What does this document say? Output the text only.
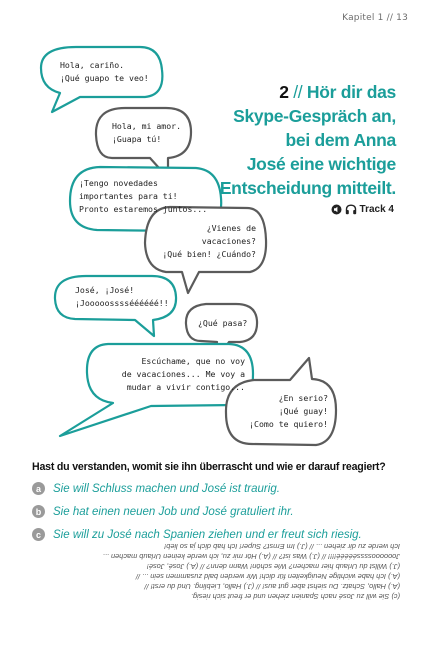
Kapitel 1 // 13
Hola, cariño.
¡Qué guapo te veo!
Hola, mi amor.
¡Guapa tú!
¡Tengo novedades
importantes para ti!
Pronto estaremos juntos...
¿Vienes de
vacaciones?
¡Qué bien! ¿Cuándo?
José, ¡José!
¡Jooooosssséééééé!!
¿Qué pasa?
Escúchame, que no voy
de vacaciones... Me voy a
mudar a vivir contigo...
¿En serio?
¡Qué guay!
¡Como te quiero!
2 // Hör dir das
Skype-Gespräch an,
bei dem Anna
José eine wichtige
Entscheidung mitteilt.
Track 4
Hast du verstanden, womit sie ihn überrascht und wie er darauf reagiert?
a	Sie will Schluss machen und José ist traurig.
b	Sie hat einen neuen Job und José gratuliert ihr.
c	Sie will zu José nach Spanien ziehen und er freut sich riesig.
(c) Sie will zu José nach Spanien ziehen und er freut sich riesig.
(A.) Hallo, Schatz. Du siehst aber gut aus! // (J.) Hallo, Liebling. Und du erst! //
(A.) Ich habe wichtige Neuigkeiten für dich! Wir werden bald zusammen sein ... //
(J.) Willst du Urlaub hier machen? Wie schön! Wann denn? // (A.) José, José!
Joooooossssééééé!!!! // (J.) Was ist? // (A.) Hör mir zu, ich werde keinen Urlaub machen ...
Ich werde zu dir ziehen ... // (J.) Im Ernst? Super! Ich hab dich ja so lieb!
